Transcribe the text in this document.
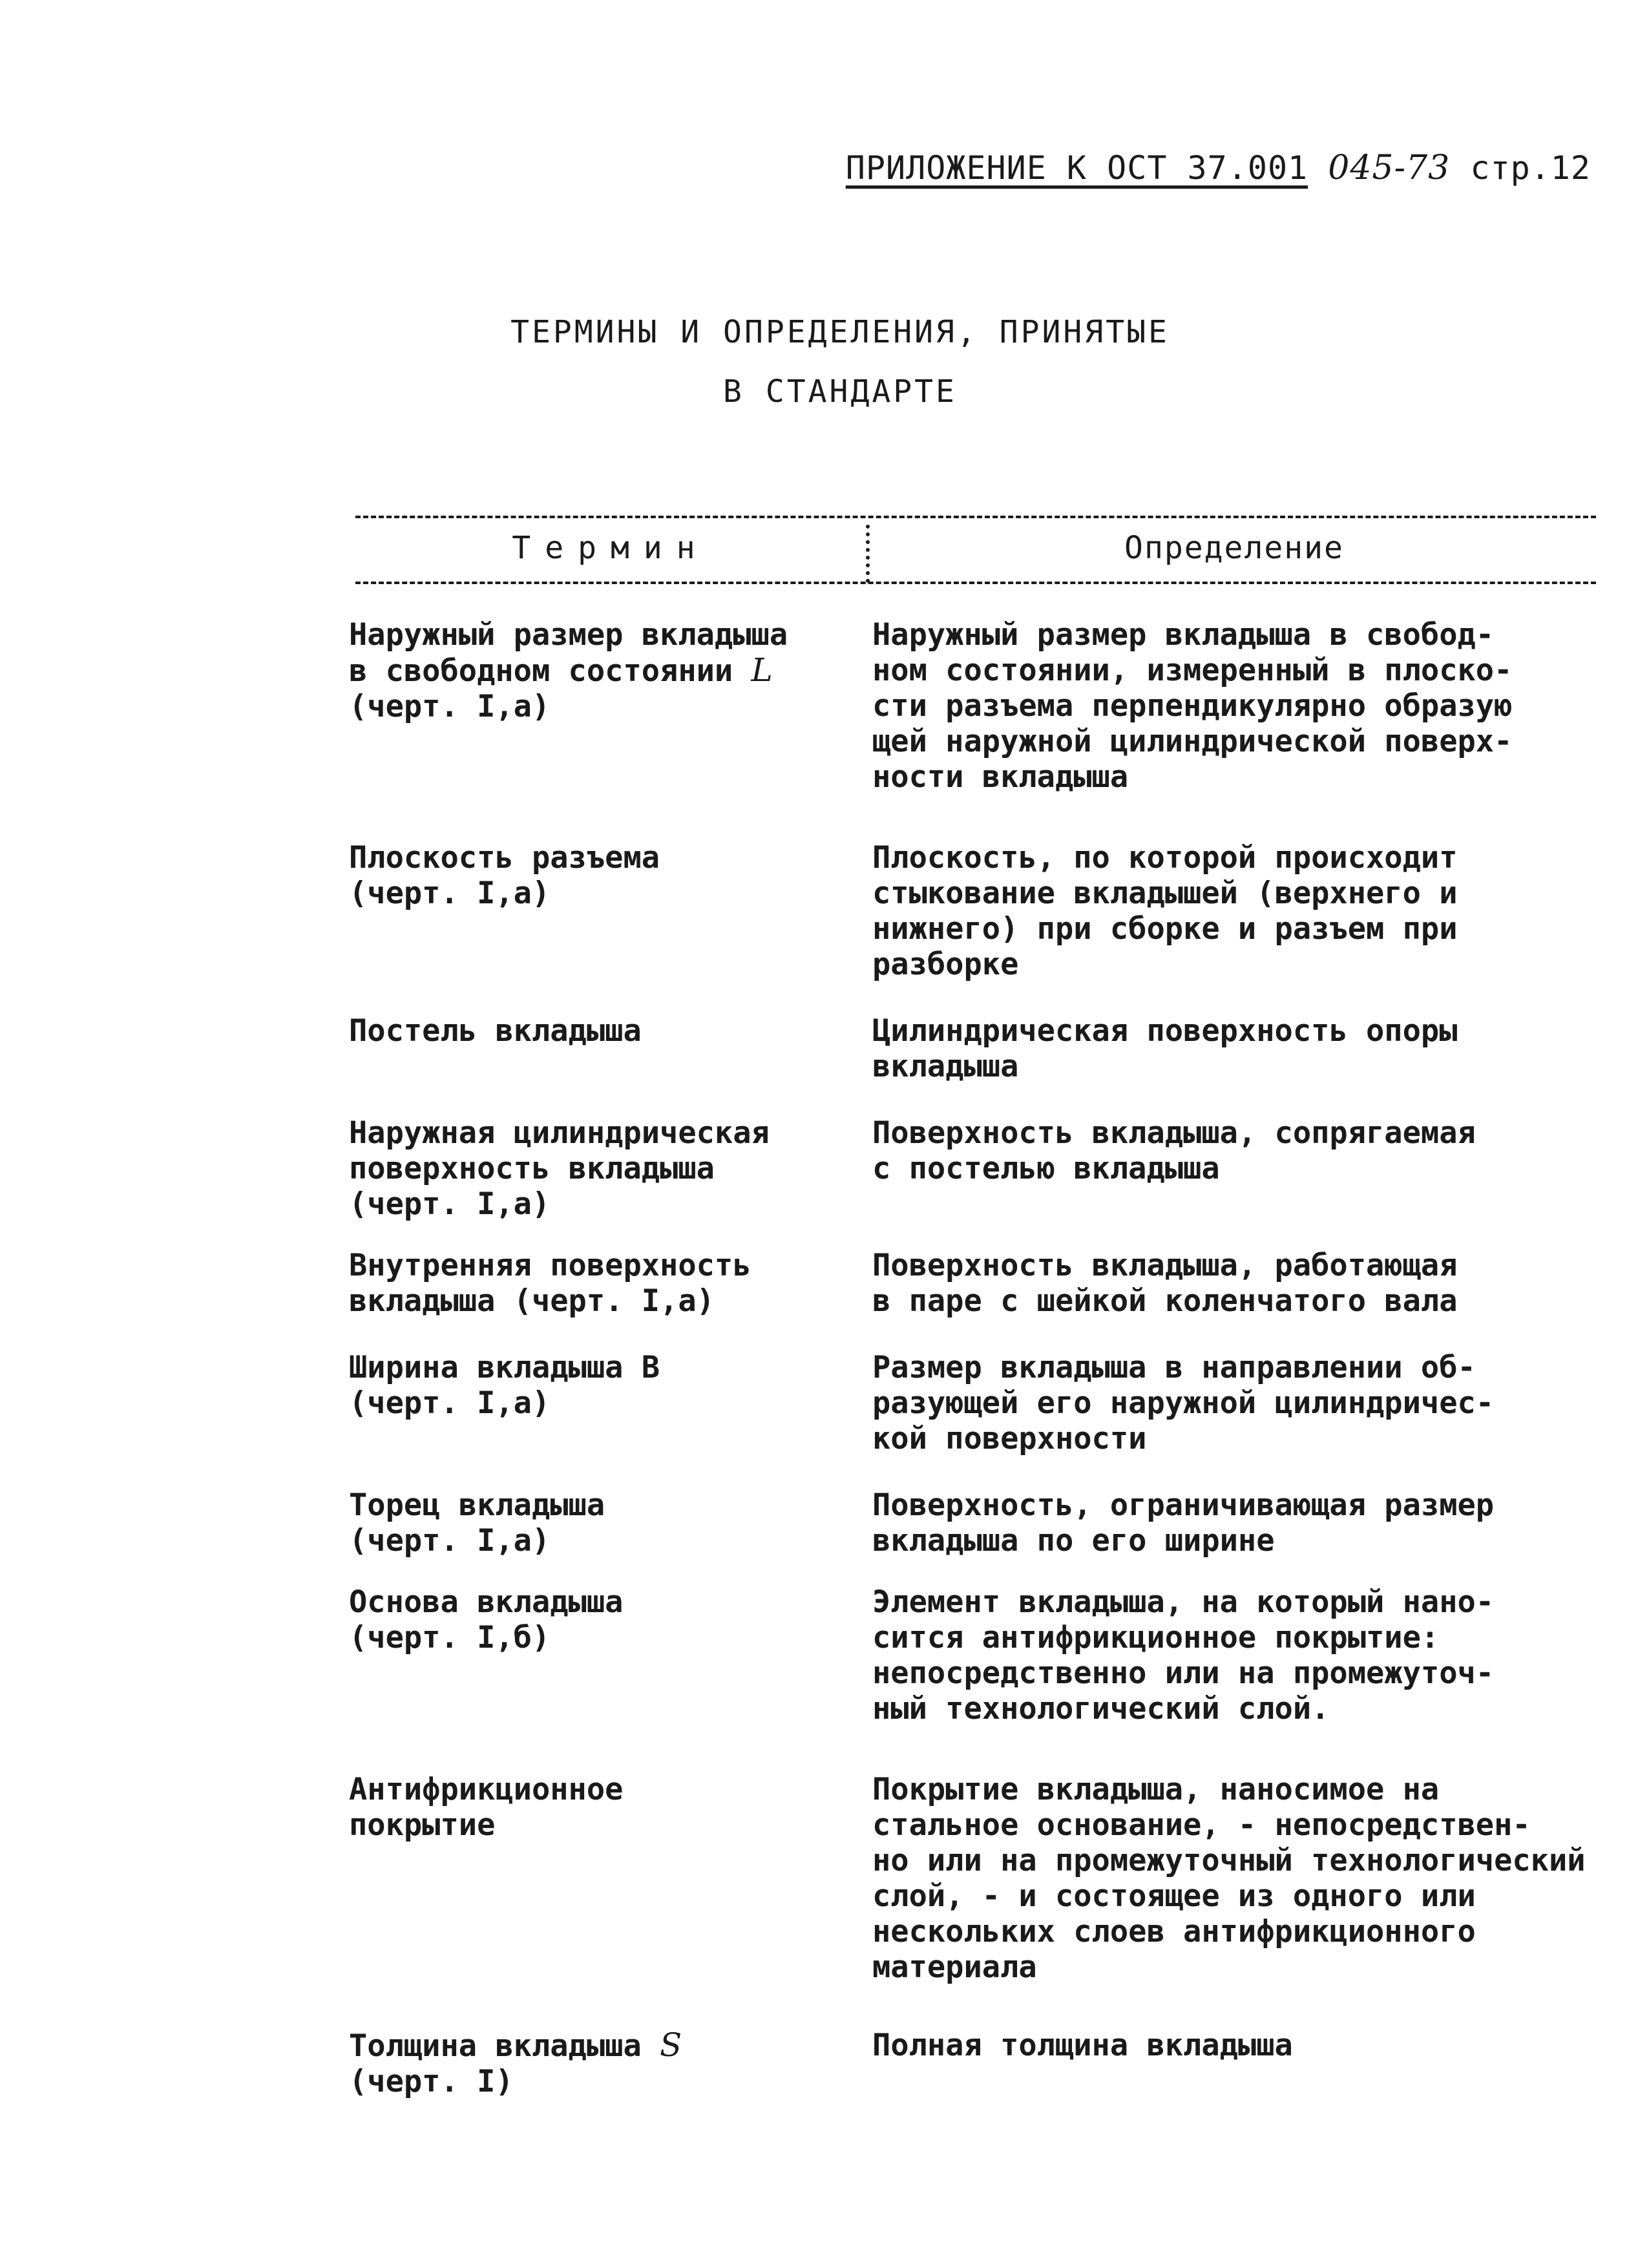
ПРИЛОЖЕНИЕ К ОСТ 37.001 045-73 стр.12
ТЕРМИНЫ И ОПРЕДЕЛЕНИЯ, ПРИНЯТЫЕ
В СТАНДАРТЕ
Термин	Определение
Наружный размер вкладыша
в свободном состоянии L
(черт. I,а)
Наружный размер вкладыша в свобод-
ном состоянии, измеренный в плоско-
сти разъема перпендикулярно образую
щей наружной цилиндрической поверх-
ности вкладыша
Плоскость разъема
(черт. I,а)
Плоскость, по которой происходит
стыкование вкладышей (верхнего и
нижнего) при сборке и разъем при
разборке
Постель вкладыша	Цилиндрическая поверхность опоры
вкладыша
Наружная цилиндрическая
поверхность вкладыша
(черт. I,а)
Поверхность вкладыша, сопрягаемая
с постелью вкладыша
Внутренняя поверхность
вкладыша (черт. I,а)
Поверхность вкладыша, работающая
в паре с шейкой коленчатого вала
Ширина вкладыша В
(черт. I,а)
Размер вкладыша в направлении об-
разующей его наружной цилиндричес-
кой поверхности
Торец вкладыша
(черт. I,а)
Поверхность, ограничивающая размер
вкладыша по его ширине
Основа вкладыша
(черт. I,б)
Элемент вкладыша, на который нано-
сится антифрикционное покрытие:
непосредственно или на промежуточ-
ный технологический слой.
Антифрикционное
покрытие
Покрытие вкладыша, наносимое на
стальное основание, - непосредствен-
но или на промежуточный технологический
слой, - и состоящее из одного или
нескольких слоев антифрикционного
материала
Толщина вкладыша S
(черт. I)
Полная толщина вкладыша
